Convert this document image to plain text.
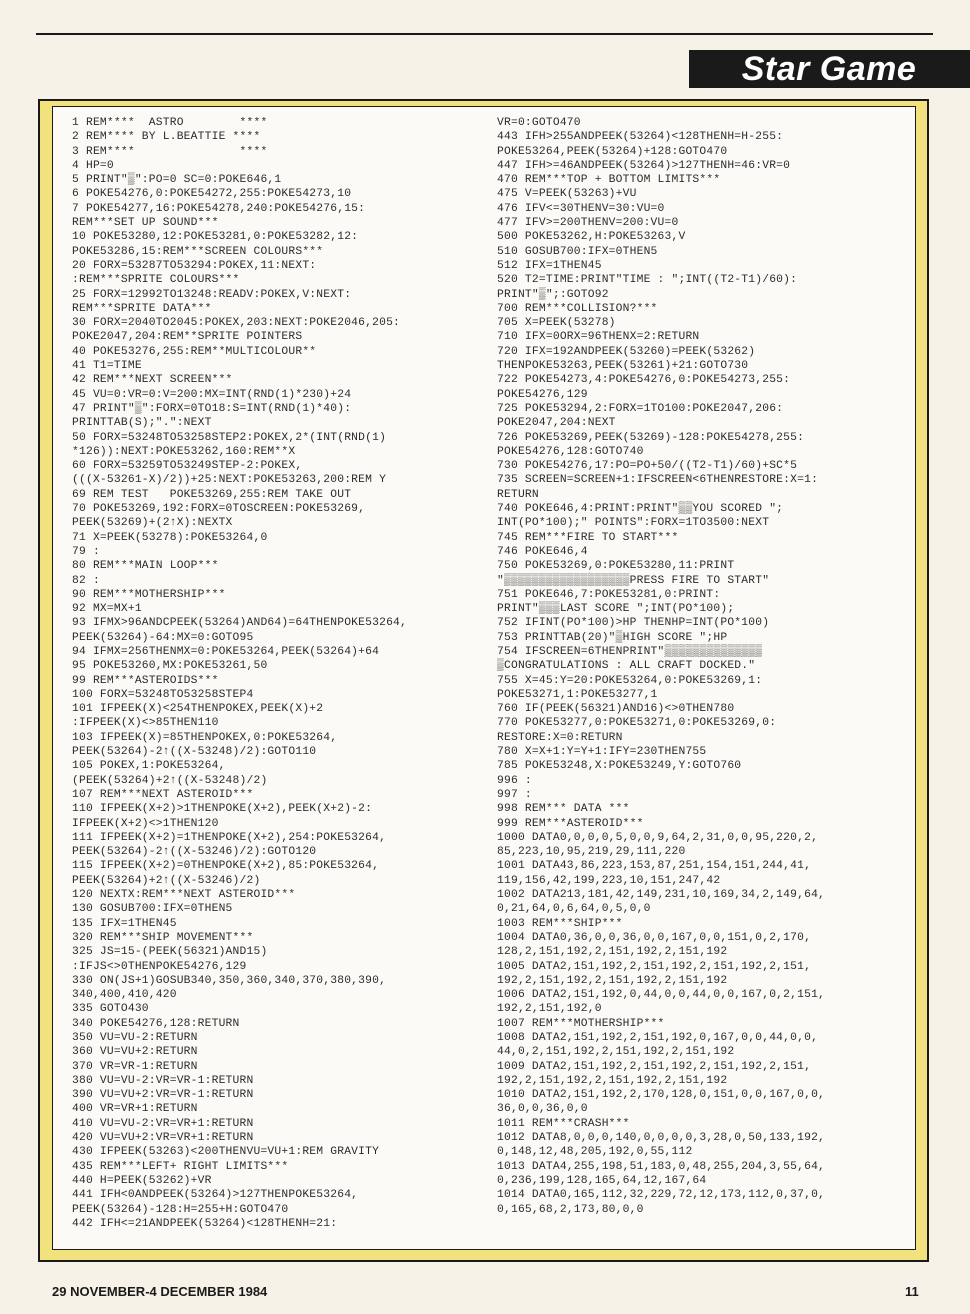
Star Game
1 REM****  ASTRO        ****
2 REM**** BY L.BEATTIE ****
3 REM****               ****
4 HP=0
5 PRINT"▒":PO=0 SC=0:POKE646,1
6 POKE54276,0:POKE54272,255:POKE54273,10
7 POKE54277,16:POKE54278,240:POKE54276,15:
REM***SET UP SOUND***
10 POKE53280,12:POKE53281,0:POKE53282,12:
POKE53286,15:REM***SCREEN COLOURS***
20 FORX=53287TO53294:POKEX,11:NEXT:
:REM***SPRITE COLOURS***
25 FORX=12992TO13248:READV:POKEX,V:NEXT:
REM***SPRITE DATA***
30 FORX=2040TO2045:POKEX,203:NEXT:POKE2046,205:
POKE2047,204:REM**SPRITE POINTERS
40 POKE53276,255:REM**MULTICOLOUR**
41 T1=TIME
42 REM***NEXT SCREEN***
45 VU=0:VR=0:V=200:MX=INT(RND(1)*230)+24
47 PRINT"▒":FORX=0TO18:S=INT(RND(1)*40):
PRINTTAB(S);".":NEXT
50 FORX=53248TO53258STEP2:POKEX,2*(INT(RND(1)
*126)):NEXT:POKE53262,160:REM**X
60 FORX=53259TO53249STEP-2:POKEX,
(((X-53261-X)/2))+25:NEXT:POKE53263,200:REM Y
69 REM TEST   POKE53269,255:REM TAKE OUT
70 POKE53269,192:FORX=0TOSCREEN:POKE53269,
PEEK(53269)+(2↑X):NEXTX
71 X=PEEK(53278):POKE53264,0
79 :
80 REM***MAIN LOOP***
82 :
90 REM***MOTHERSHIP***
92 MX=MX+1
93 IFMX>96ANDCPEEK(53264)AND64)=64THENPOKE53264,
PEEK(53264)-64:MX=0:GOTO95
94 IFMX=256THENMX=0:POKE53264,PEEK(53264)+64
95 POKE53260,MX:POKE53261,50
99 REM***ASTEROIDS***
100 FORX=53248TO53258STEP4
101 IFPEEK(X)<254THENPOKEX,PEEK(X)+2
:IFPEEK(X)<>85THEN110
103 IFPEEK(X)=85THENPOKEX,0:POKE53264,
PEEK(53264)-2↑((X-53248)/2):GOTO110
105 POKEX,1:POKE53264,
(PEEK(53264)+2↑((X-53248)/2)
107 REM***NEXT ASTEROID***
110 IFPEEK(X+2)>1THENPOKE(X+2),PEEK(X+2)-2:
IFPEEK(X+2)<>1THEN120
111 IFPEEK(X+2)=1THENPOKE(X+2),254:POKE53264,
PEEK(53264)-2↑((X-53246)/2):GOTO120
115 IFPEEK(X+2)=0THENPOKE(X+2),85:POKE53264,
PEEK(53264)+2↑((X-53246)/2)
120 NEXTX:REM***NEXT ASTEROID***
130 GOSUB700:IFX=0THEN5
135 IFX=1THEN45
320 REM***SHIP MOVEMENT***
325 JS=15-(PEEK(56321)AND15)
:IFJS<>0THENPOKE54276,129
330 ON(JS+1)GOSUB340,350,360,340,370,380,390,
340,400,410,420
335 GOTO430
340 POKE54276,128:RETURN
350 VU=VU-2:RETURN
360 VU=VU+2:RETURN
370 VR=VR-1:RETURN
380 VU=VU-2:VR=VR-1:RETURN
390 VU=VU+2:VR=VR-1:RETURN
400 VR=VR+1:RETURN
410 VU=VU-2:VR=VR+1:RETURN
420 VU=VU+2:VR=VR+1:RETURN
430 IFPEEK(53263)<200THENVU=VU+1:REM GRAVITY
435 REM***LEFT+ RIGHT LIMITS***
440 H=PEEK(53262)+VR
441 IFH<0ANDPEEK(53264)>127THENPOKE53264,
PEEK(53264)-128:H=255+H:GOTO470
442 IFH<=21ANDPEEK(53264)<128THENH=21:
VR=0:GOTO470
443 IFH>255ANDPEEK(53264)<128THENH=H-255:
POKE53264,PEEK(53264)+128:GOTO470
447 IFH>=46ANDPEEK(53264)>127THENH=46:VR=0
470 REM***TOP + BOTTOM LIMITS***
475 V=PEEK(53263)+VU
476 IFV<=30THENV=30:VU=0
477 IFV>=200THENV=200:VU=0
500 POKE53262,H:POKE53263,V
510 GOSUB700:IFX=0THEN5
512 IFX=1THEN45
520 T2=TIME:PRINT"TIME : ";INT((T2-T1)/60):
PRINT"▒";:GOTO92
700 REM***COLLISION?***
705 X=PEEK(53278)
710 IFX=0ORX=96THENX=2:RETURN
720 IFX=192ANDPEEK(53260)=PEEK(53262)
THENPOKE53263,PEEK(53261)+21:GOTO730
722 POKE54273,4:POKE54276,0:POKE54273,255:
POKE54276,129
725 POKE53294,2:FORX=1TO100:POKE2047,206:
POKE2047,204:NEXT
726 POKE53269,PEEK(53269)-128:POKE54278,255:
POKE54276,128:GOTO740
730 POKE54276,17:PO=PO+50/((T2-T1)/60)+SC*5
735 SCREEN=SCREEN+1:IFSCREEN<6THENRESTORE:X=1:
RETURN
740 POKE646,4:PRINT:PRINT"▒▒YOU SCORED ";
INT(PO*100);" POINTS":FORX=1TO3500:NEXT
745 REM***FIRE TO START***
746 POKE646,4
750 POKE53269,0:POKE53280,11:PRINT
"▒▒▒▒▒▒▒▒▒▒▒▒▒▒▒▒▒▒PRESS FIRE TO START"
751 POKE646,7:POKE53281,0:PRINT:
PRINT"▒▒▒LAST SCORE ";INT(PO*100);
752 IFINT(PO*100)>HP THENHP=INT(PO*100)
753 PRINTTAB(20)"▒HIGH SCORE ";HP
754 IFSCREEN=6THENPRINT"▒▒▒▒▒▒▒▒▒▒▒▒▒▒
▒CONGRATULATIONS : ALL CRAFT DOCKED."
755 X=45:Y=20:POKE53264,0:POKE53269,1:
POKE53271,1:POKE53277,1
760 IF(PEEK(56321)AND16)<>0THEN780
770 POKE53277,0:POKE53271,0:POKE53269,0:
RESTORE:X=0:RETURN
780 X=X+1:Y=Y+1:IFY=230THEN755
785 POKE53248,X:POKE53249,Y:GOTO760
996 :
997 :
998 REM*** DATA ***
999 REM***ASTEROID***
1000 DATA0,0,0,0,5,0,0,9,64,2,31,0,0,95,220,2,
85,223,10,95,219,29,111,220
1001 DATA43,86,223,153,87,251,154,151,244,41,
119,156,42,199,223,10,151,247,42
1002 DATA213,181,42,149,231,10,169,34,2,149,64,
0,21,64,0,6,64,0,5,0,0
1003 REM***SHIP***
1004 DATA0,36,0,0,36,0,0,167,0,0,151,0,2,170,
128,2,151,192,2,151,192,2,151,192
1005 DATA2,151,192,2,151,192,2,151,192,2,151,
192,2,151,192,2,151,192,2,151,192
1006 DATA2,151,192,0,44,0,0,44,0,0,167,0,2,151,
192,2,151,192,0
1007 REM***MOTHERSHIP***
1008 DATA2,151,192,2,151,192,0,167,0,0,44,0,0,
44,0,2,151,192,2,151,192,2,151,192
1009 DATA2,151,192,2,151,192,2,151,192,2,151,
192,2,151,192,2,151,192,2,151,192
1010 DATA2,151,192,2,170,128,0,151,0,0,167,0,0,
36,0,0,36,0,0
1011 REM***CRASH***
1012 DATA8,0,0,0,140,0,0,0,0,3,28,0,50,133,192,
0,148,12,48,205,192,0,55,112
1013 DATA4,255,198,51,183,0,48,255,204,3,55,64,
0,236,199,128,165,64,12,167,64
1014 DATA0,165,112,32,229,72,12,173,112,0,37,0,
0,165,68,2,173,80,0,0
29 NOVEMBER-4 DECEMBER 1984	11
